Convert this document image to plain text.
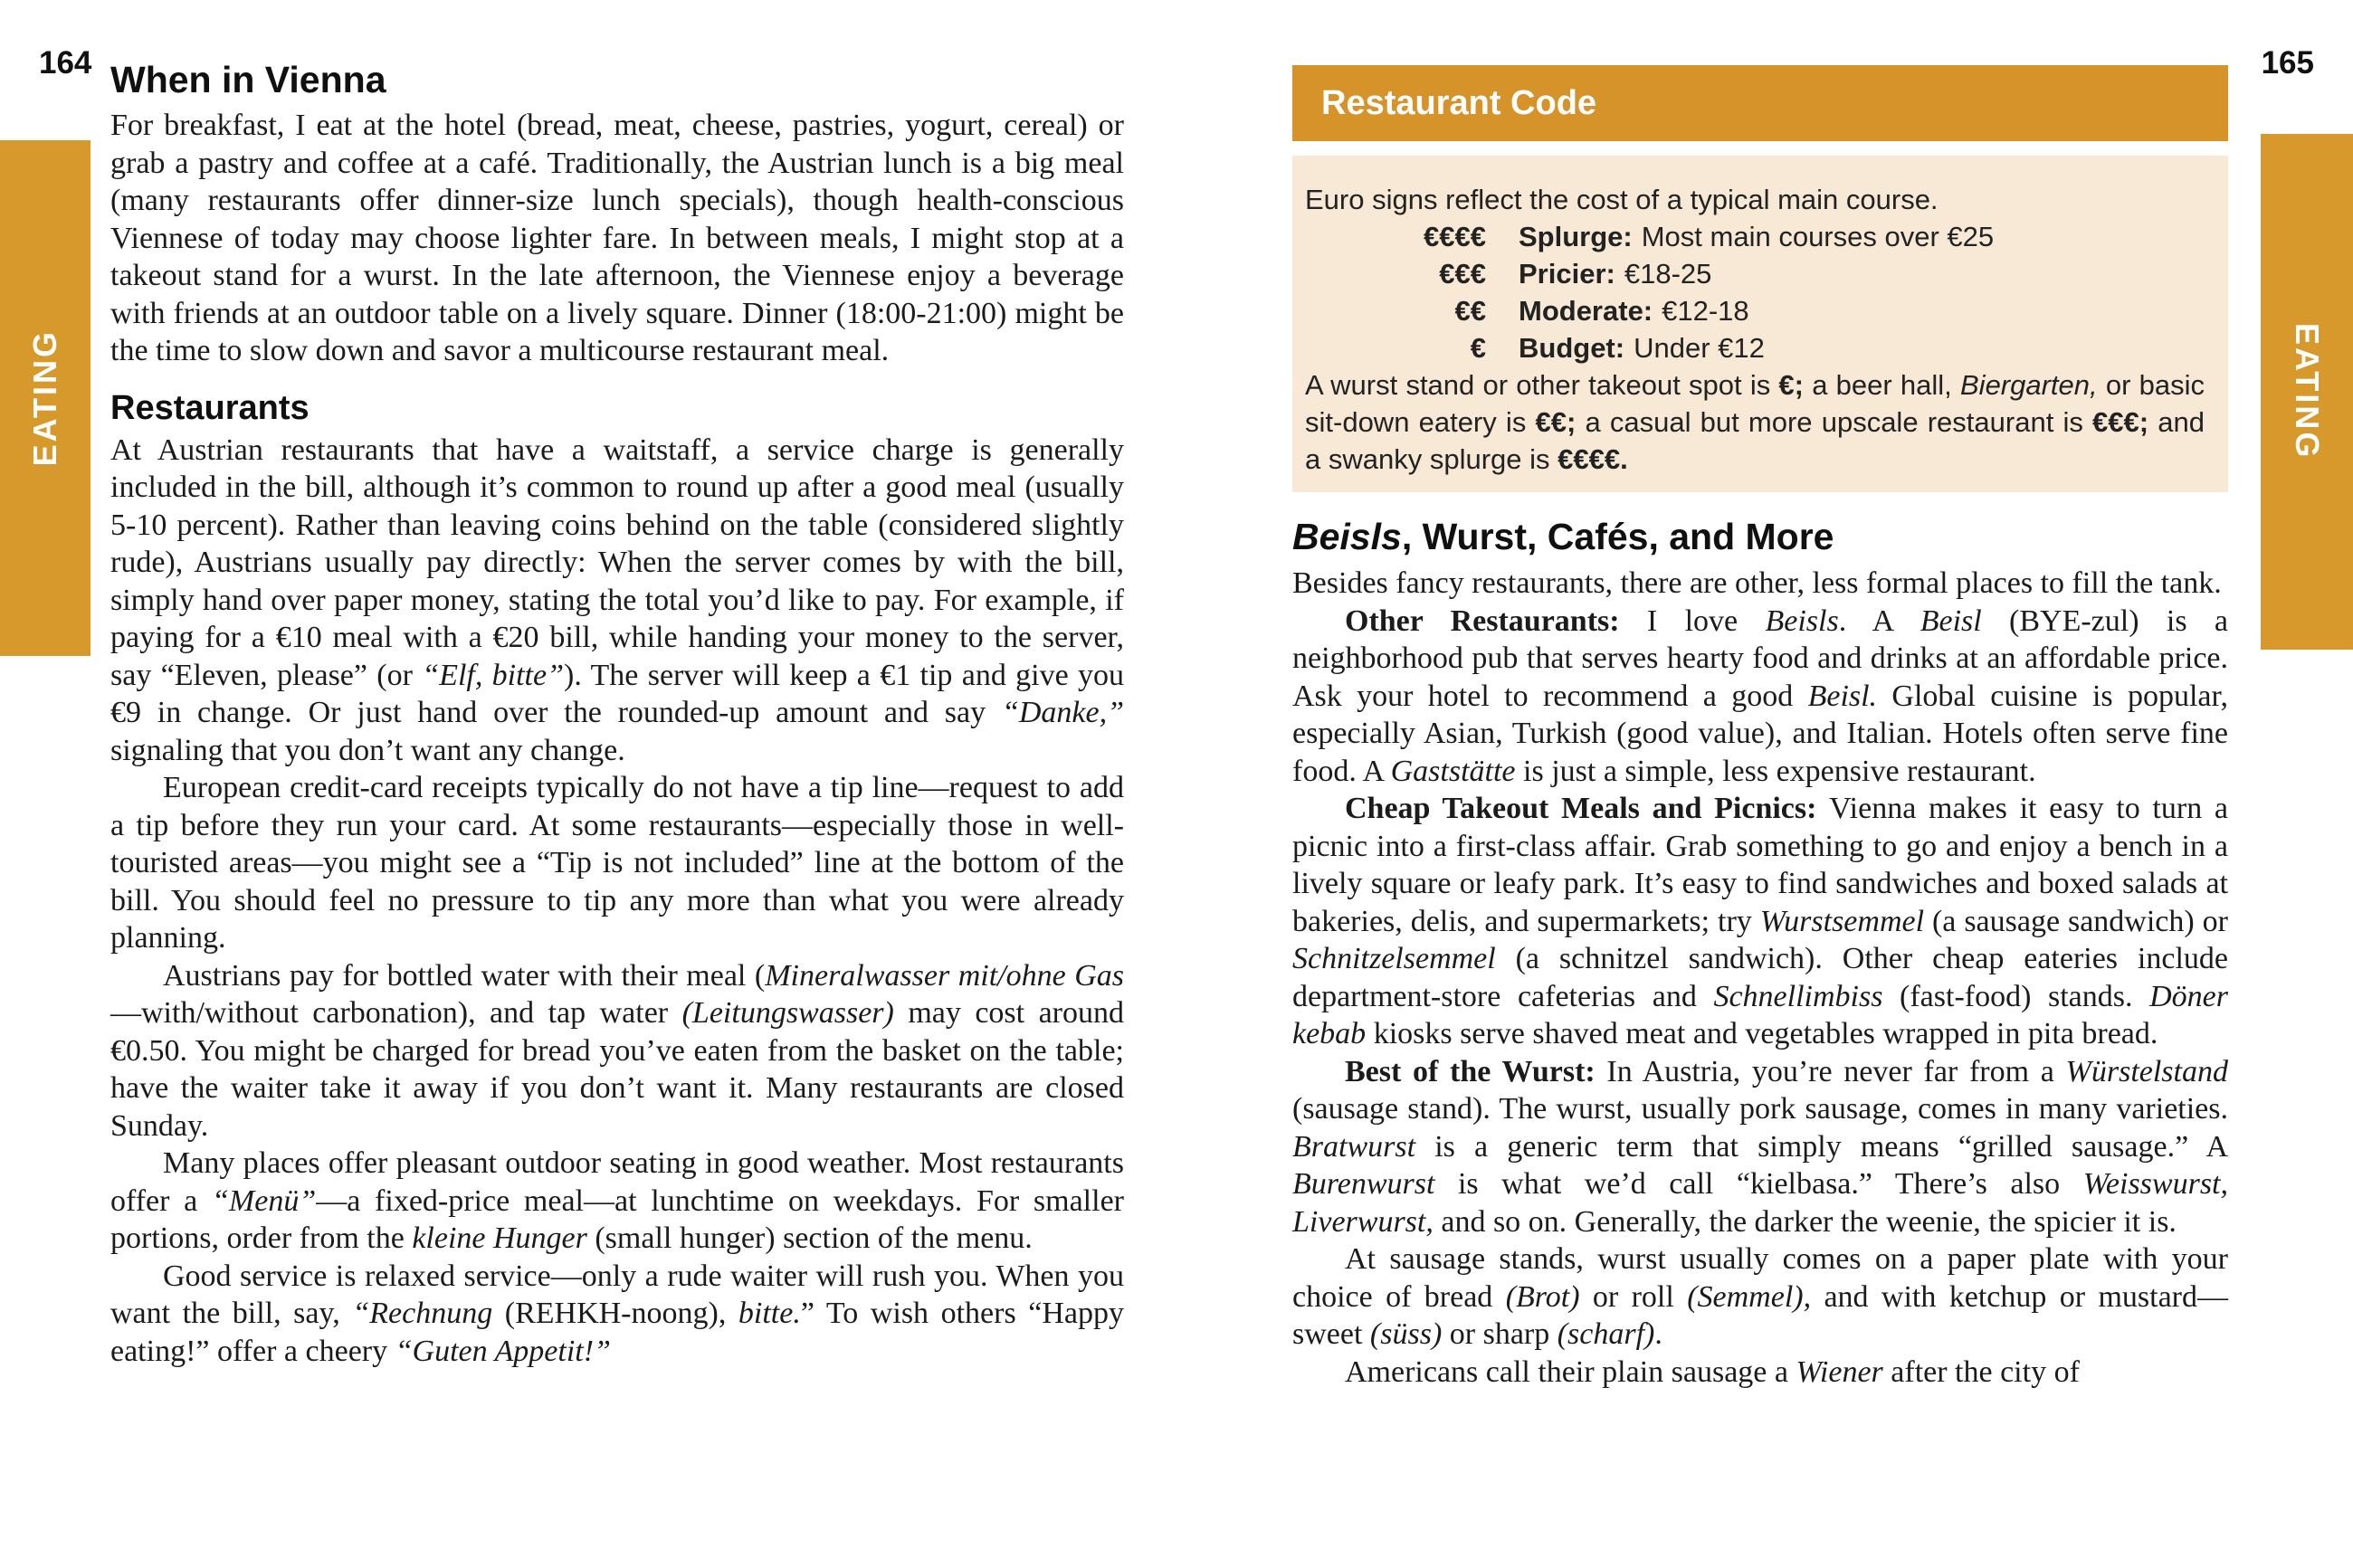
EATING	EATING
164	165
When in Vienna

For breakfast, I eat at the hotel (bread, meat, cheese, pastries, yogurt, cereal) or grab a pastry and coffee at a café. Traditionally, the Austrian lunch is a big meal (many restaurants offer dinner-size lunch specials), though health-conscious Viennese of today may choose lighter fare. In between meals, I might stop at a takeout stand for a wurst. In the late afternoon, the Viennese enjoy a beverage with friends at an outdoor table on a lively square. Dinner (18:00-21:00) might be the time to slow down and savor a multicourse restaurant meal.

Restaurants

At Austrian restaurants that have a waitstaff, a service charge is generally included in the bill, although it’s common to round up after a good meal (usually 5-10 percent). Rather than leaving coins behind on the table (considered slightly rude), Austrians usually pay directly: When the server comes by with the bill, simply hand over paper money, stating the total you’d like to pay. For example, if paying for a €10 meal with a €20 bill, while handing your money to the server, say “Eleven, please” (or “Elf, bitte”). The server will keep a €1 tip and give you €9 in change. Or just hand over the rounded-up amount and say “Danke,” signaling that you don’t want any change.

European credit-card receipts typically do not have a tip line—request to add a tip before they run your card. At some restaurants—especially those in well-touristed areas—you might see a “Tip is not included” line at the bottom of the bill. You should feel no pressure to tip any more than what you were already planning.

Austrians pay for bottled water with their meal (Mineralwasser mit/ohne Gas—with/without carbonation), and tap water (Leitungswasser) may cost around €0.50. You might be charged for bread you’ve eaten from the basket on the table; have the waiter take it away if you don’t want it. Many restaurants are closed Sunday.

Many places offer pleasant outdoor seating in good weather. Most restaurants offer a “Menü”—a fixed-price meal—at lunchtime on weekdays. For smaller portions, order from the kleine Hunger (small hunger) section of the menu.

Good service is relaxed service—only a rude waiter will rush you. When you want the bill, say, “Rechnung (REHKH-noong), bitte.” To wish others “Happy eating!” offer a cheery “Guten Appetit!”

Restaurant Code

Euro signs reflect the cost of a typical main course.

€€€€ Splurge: Most main courses over €25
€€€ Pricier: €18-25
€€ Moderate: €12-18
€ Budget: Under €12

A wurst stand or other takeout spot is €; a beer hall, Biergarten, or basic sit-down eatery is €€; a casual but more upscale restaurant is €€€; and a swanky splurge is €€€€.

Beisls, Wurst, Cafés, and More

Besides fancy restaurants, there are other, less formal places to fill the tank.

Other Restaurants: I love Beisls. A Beisl (BYE-zul) is a neighborhood pub that serves hearty food and drinks at an affordable price. Ask your hotel to recommend a good Beisl. Global cuisine is popular, especially Asian, Turkish (good value), and Italian. Hotels often serve fine food. A Gaststätte is just a simple, less expensive restaurant.

Cheap Takeout Meals and Picnics: Vienna makes it easy to turn a picnic into a first-class affair. Grab something to go and enjoy a bench in a lively square or leafy park. It’s easy to find sandwiches and boxed salads at bakeries, delis, and supermarkets; try Wurstsemmel (a sausage sandwich) or Schnitzelsemmel (a schnitzel sandwich). Other cheap eateries include department-store cafeterias and Schnellimbiss (fast-food) stands. Döner kebab kiosks serve shaved meat and vegetables wrapped in pita bread.

Best of the Wurst: In Austria, you’re never far from a Würstelstand (sausage stand). The wurst, usually pork sausage, comes in many varieties. Bratwurst is a generic term that simply means “grilled sausage.” A Burenwurst is what we’d call “kielbasa.” There’s also Weisswurst, Liverwurst, and so on. Generally, the darker the weenie, the spicier it is.

At sausage stands, wurst usually comes on a paper plate with your choice of bread (Brot) or roll (Semmel), and with ketchup or mustard—sweet (süss) or sharp (scharf).

Americans call their plain sausage a Wiener after the city of
